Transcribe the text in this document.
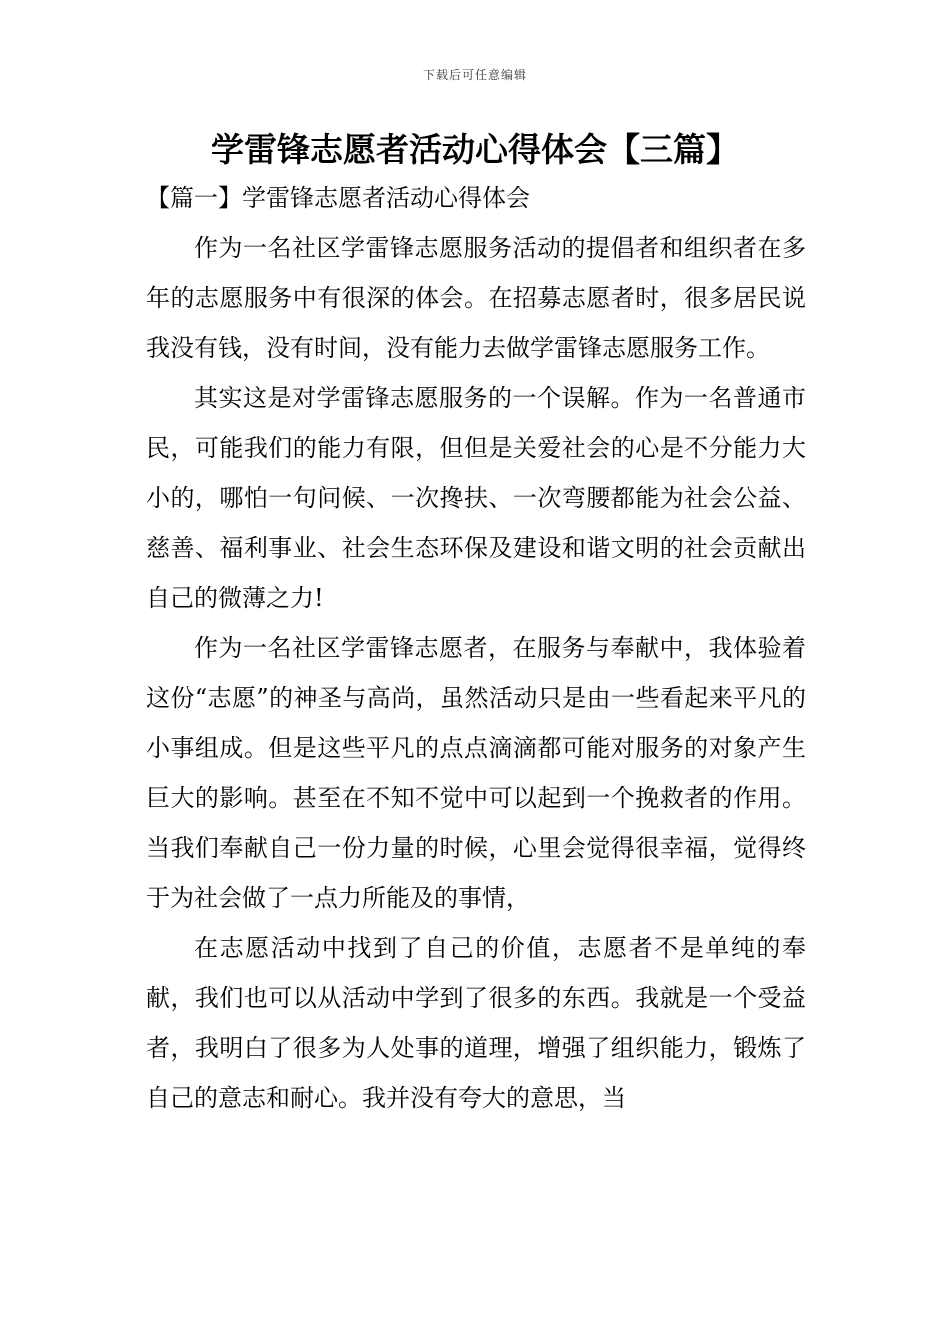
下载后可任意编辑
学雷锋志愿者活动心得体会【三篇】
【篇一】学雷锋志愿者活动心得体会

作为一名社区学雷锋志愿服务活动的提倡者和组织者在多年的志愿服务中有很深的体会。在招募志愿者时，很多居民说我没有钱，没有时间，没有能力去做学雷锋志愿服务工作。

其实这是对学雷锋志愿服务的一个误解。作为一名普通市民，可能我们的能力有限，但但是关爱社会的心是不分能力大小的，哪怕一句问候、一次搀扶、一次弯腰都能为社会公益、慈善、福利事业、社会生态环保及建设和谐文明的社会贡献出自己的微薄之力!

作为一名社区学雷锋志愿者，在服务与奉献中，我体验着这份“志愿”的神圣与高尚，虽然活动只是由一些看起来平凡的小事组成。但是这些平凡的点点滴滴都可能对服务的对象产生巨大的影响。甚至在不知不觉中可以起到一个挽救者的作用。当我们奉献自己一份力量的时候，心里会觉得很幸福，觉得终于为社会做了一点力所能及的事情，

在志愿活动中找到了自己的价值，志愿者不是单纯的奉献，我们也可以从活动中学到了很多的东西。我就是一个受益者，我明白了很多为人处事的道理，增强了组织能力，锻炼了自己的意志和耐心。我并没有夸大的意思，当
